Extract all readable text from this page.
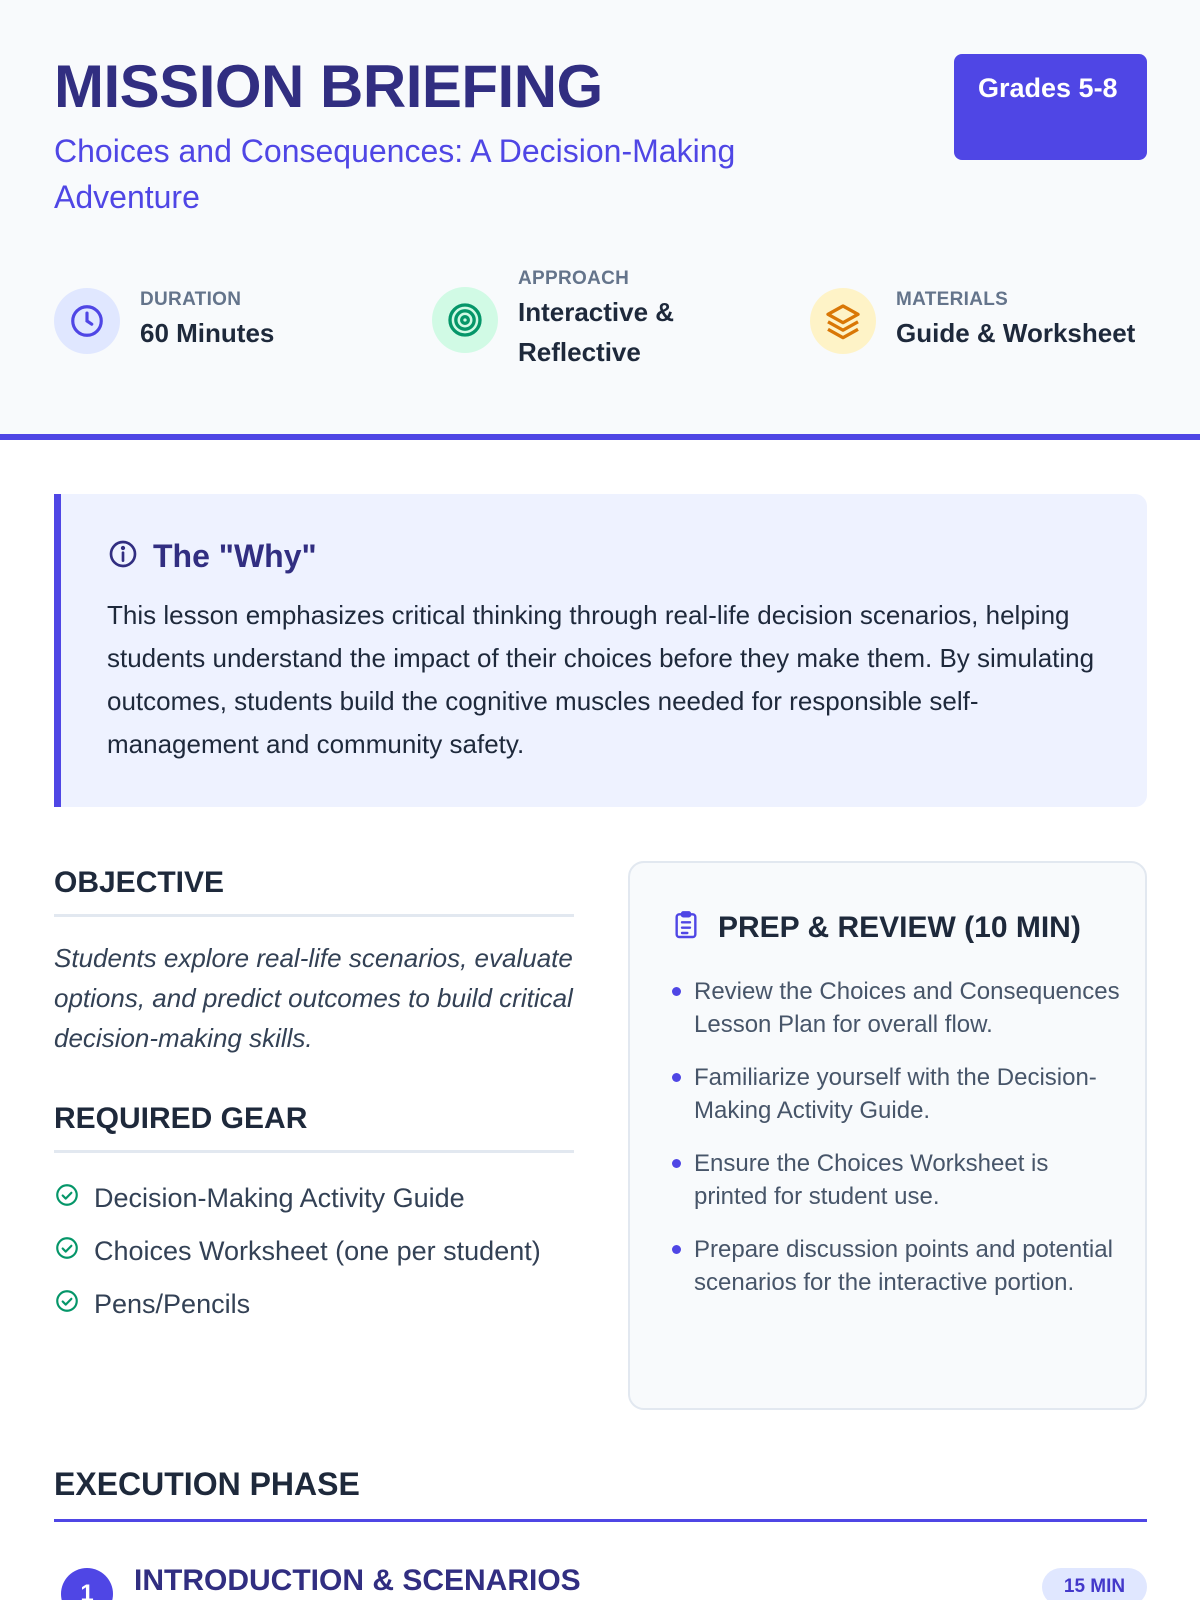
MISSION BRIEFING
Choices and Consequences: A Decision-Making Adventure
Grades 5-8
DURATION
60 Minutes
APPROACH
Interactive & Reflective
MATERIALS
Guide & Worksheet
The "Why"

This lesson emphasizes critical thinking through real-life decision scenarios, helping students understand the impact of their choices before they make them. By simulating outcomes, students build the cognitive muscles needed for responsible self-management and community safety.

OBJECTIVE

Students explore real-life scenarios, evaluate options, and predict outcomes to build critical decision-making skills.

REQUIRED GEAR
Decision-Making Activity Guide
Choices Worksheet (one per student)
Pens/Pencils
PREP & REVIEW (10 MIN)
Review the Choices and Consequences Lesson Plan for overall flow.
Familiarize yourself with the Decision-Making Activity Guide.
Ensure the Choices Worksheet is printed for student use.
Prepare discussion points and potential scenarios for the interactive portion.
EXECUTION PHASE
1	INTRODUCTION & SCENARIOS	15 MIN
